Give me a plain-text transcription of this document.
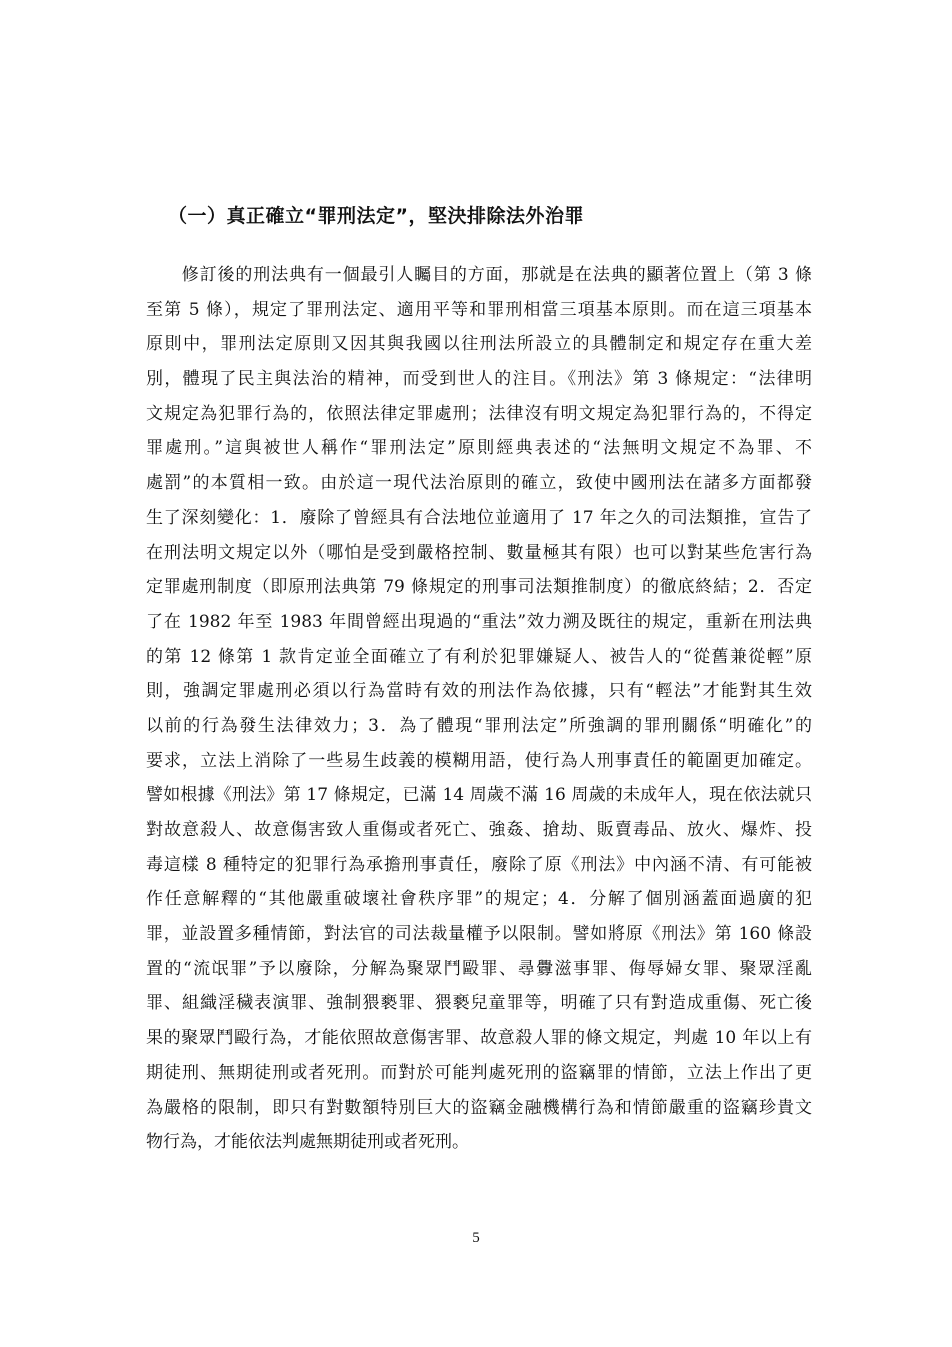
（一）真正確立“罪刑法定”，堅決排除法外治罪
　　修訂後的刑法典有一個最引人矚目的方面，那就是在法典的顯著位置上（第 3 條
至第 5 條），規定了罪刑法定、適用平等和罪刑相當三項基本原則。而在這三項基本
原則中，罪刑法定原則又因其與我國以往刑法所設立的具體制定和規定存在重大差
別，體現了民主與法治的精神，而受到世人的注目。《刑法》第 3 條規定：“法律明
文規定為犯罪行為的，依照法律定罪處刑；法律沒有明文規定為犯罪行為的，不得定
罪處刑。”這與被世人稱作“罪刑法定”原則經典表述的“法無明文規定不為罪、不
處罰”的本質相一致。由於這一現代法治原則的確立，致使中國刑法在諸多方面都發
生了深刻變化：1．廢除了曾經具有合法地位並適用了 17 年之久的司法類推，宣告了
在刑法明文規定以外（哪怕是受到嚴格控制、數量極其有限）也可以對某些危害行為
定罪處刑制度（即原刑法典第 79 條規定的刑事司法類推制度）的徹底終結；2．否定
了在 1982 年至 1983 年間曾經出現過的“重法”效力溯及既往的規定，重新在刑法典
的第 12 條第 1 款肯定並全面確立了有利於犯罪嫌疑人、被告人的“從舊兼從輕”原
則，強調定罪處刑必須以行為當時有效的刑法作為依據，只有“輕法”才能對其生效
以前的行為發生法律效力；3．為了體現“罪刑法定”所強調的罪刑關係“明確化”的
要求，立法上消除了一些易生歧義的模糊用語，使行為人刑事責任的範圍更加確定。
譬如根據《刑法》第 17 條規定，已滿 14 周歲不滿 16 周歲的未成年人，現在依法就只
對故意殺人、故意傷害致人重傷或者死亡、強姦、搶劫、販賣毒品、放火、爆炸、投
毒這樣 8 種特定的犯罪行為承擔刑事責任，廢除了原《刑法》中內涵不清、有可能被
作任意解釋的“其他嚴重破壞社會秩序罪”的規定；4．分解了個別涵蓋面過廣的犯
罪，並設置多種情節，對法官的司法裁量權予以限制。譬如將原《刑法》第 160 條設
置的“流氓罪”予以廢除，分解為聚眾鬥毆罪、尋釁滋事罪、侮辱婦女罪、聚眾淫亂
罪、組織淫穢表演罪、強制猥褻罪、猥褻兒童罪等，明確了只有對造成重傷、死亡後
果的聚眾鬥毆行為，才能依照故意傷害罪、故意殺人罪的條文規定，判處 10 年以上有
期徒刑、無期徒刑或者死刑。而對於可能判處死刑的盜竊罪的情節，立法上作出了更
為嚴格的限制，即只有對數額特別巨大的盜竊金融機構行為和情節嚴重的盜竊珍貴文
物行為，才能依法判處無期徒刑或者死刑。
5
